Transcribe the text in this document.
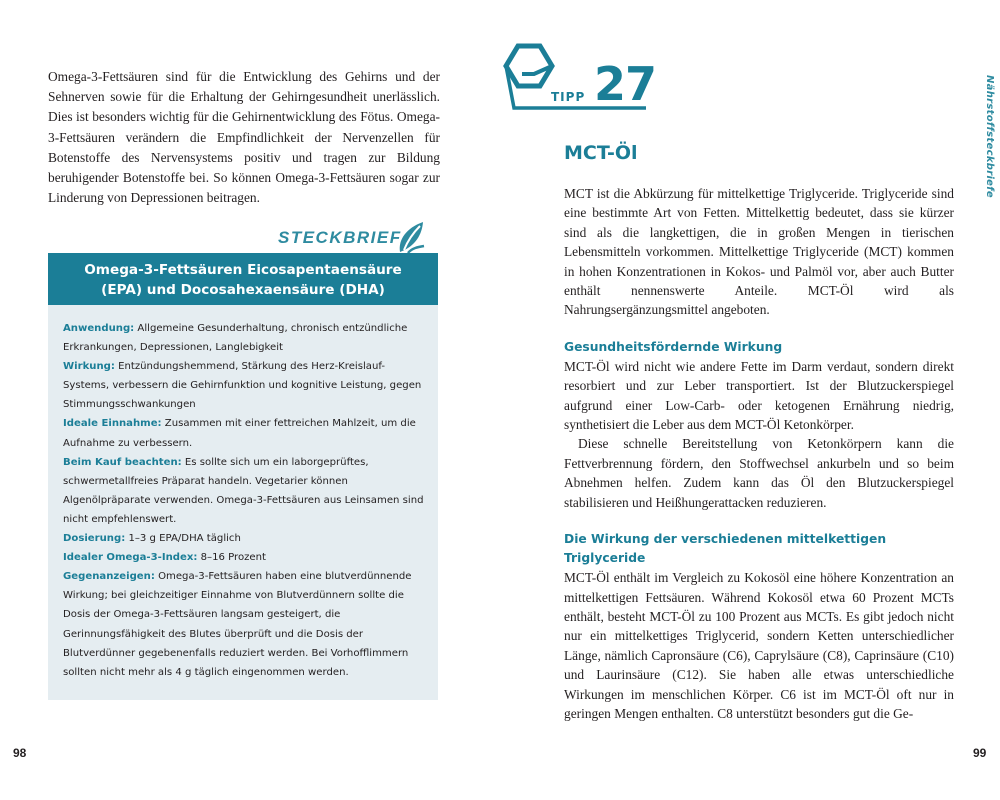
Omega-3-Fettsäuren sind für die Entwicklung des Gehirns und der Sehnerven sowie für die Erhaltung der Gehirngesundheit unerlässlich. Dies ist besonders wichtig für die Gehirnentwicklung des Fötus. Omega-3-Fettsäuren verändern die Empfindlichkeit der Nervenzellen für Botenstoffe des Nervensystems positiv und tragen zur Bildung beruhigender Botenstoffe bei. So können Omega-3-Fettsäuren sogar zur Linderung von Depressionen beitragen.

STECKBRIEF
Omega-3-Fettsäuren Eicosapentaensäure
(EPA) und Docosahexaensäure (DHA)

Anwendung: Allgemeine Gesunderhaltung, chronisch entzündliche Erkrankungen, Depressionen, Langlebigkeit

Wirkung: Entzündungshemmend, Stärkung des Herz-Kreislauf-Systems, verbessern die Gehirnfunktion und kognitive Leistung, gegen Stimmungsschwankungen

Ideale Einnahme: Zusammen mit einer fettreichen Mahlzeit, um die Aufnahme zu verbessern.

Beim Kauf beachten: Es sollte sich um ein laborgeprüftes, schwermetallfreies Präparat handeln. Vegetarier können Algenölpräparate verwenden. Omega-3-Fettsäuren aus Leinsamen sind nicht empfehlenswert.

Dosierung: 1–3 g EPA/DHA täglich

Idealer Omega-3-Index: 8–16 Prozent

Gegenanzeigen: Omega-3-Fettsäuren haben eine blutverdünnende Wirkung; bei gleichzeitiger Einnahme von Blutverdünnern sollte die Dosis der Omega-3-Fettsäuren langsam gesteigert, die Gerinnungsfähigkeit des Blutes überprüft und die Dosis der Blutverdünner gegebenenfalls reduziert werden. Bei Vorhofflimmern sollten nicht mehr als 4 g täglich eingenommen werden.

98
TIPP 27
MCT-Öl

MCT ist die Abkürzung für mittelkettige Triglyceride. Triglyceride sind eine bestimmte Art von Fetten. Mittelkettig bedeutet, dass sie kürzer sind als die langkettigen, die in großen Mengen in tierischen Lebensmitteln vorkommen. Mittelkettige Triglyceride (MCT) kommen in hohen Konzentrationen in Kokos- und Palmöl vor, aber auch Butter enthält nennenswerte Anteile. MCT-Öl wird als Nahrungsergänzungsmittel angeboten.

Gesundheitsfördernde Wirkung

MCT-Öl wird nicht wie andere Fette im Darm verdaut, sondern direkt resorbiert und zur Leber transportiert. Ist der Blutzuckerspiegel aufgrund einer Low-Carb- oder ketogenen Ernährung niedrig, synthetisiert die Leber aus dem MCT-Öl Ketonkörper.

Diese schnelle Bereitstellung von Ketonkörpern kann die Fettverbrennung fördern, den Stoffwechsel ankurbeln und so beim Abnehmen helfen. Zudem kann das Öl den Blutzuckerspiegel stabilisieren und Heißhungerattacken reduzieren.

Die Wirkung der verschiedenen mittelkettigen
Triglyceride

MCT-Öl enthält im Vergleich zu Kokosöl eine höhere Konzentration an mittelkettigen Fettsäuren. Während Kokosöl etwa 60 Prozent MCTs enthält, besteht MCT-Öl zu 100 Prozent aus MCTs. Es gibt jedoch nicht nur ein mittelkettiges Triglycerid, sondern Ketten unterschiedlicher Länge, nämlich Capronsäure (C6), Caprylsäure (C8), Caprinsäure (C10) und Laurinsäure (C12). Sie haben alle etwas unterschiedliche Wirkungen im menschlichen Körper. C6 ist im MCT-Öl oft nur in geringen Mengen enthalten. C8 unterstützt besonders gut die Ge-

Nährstoffsteckbriefe
99
